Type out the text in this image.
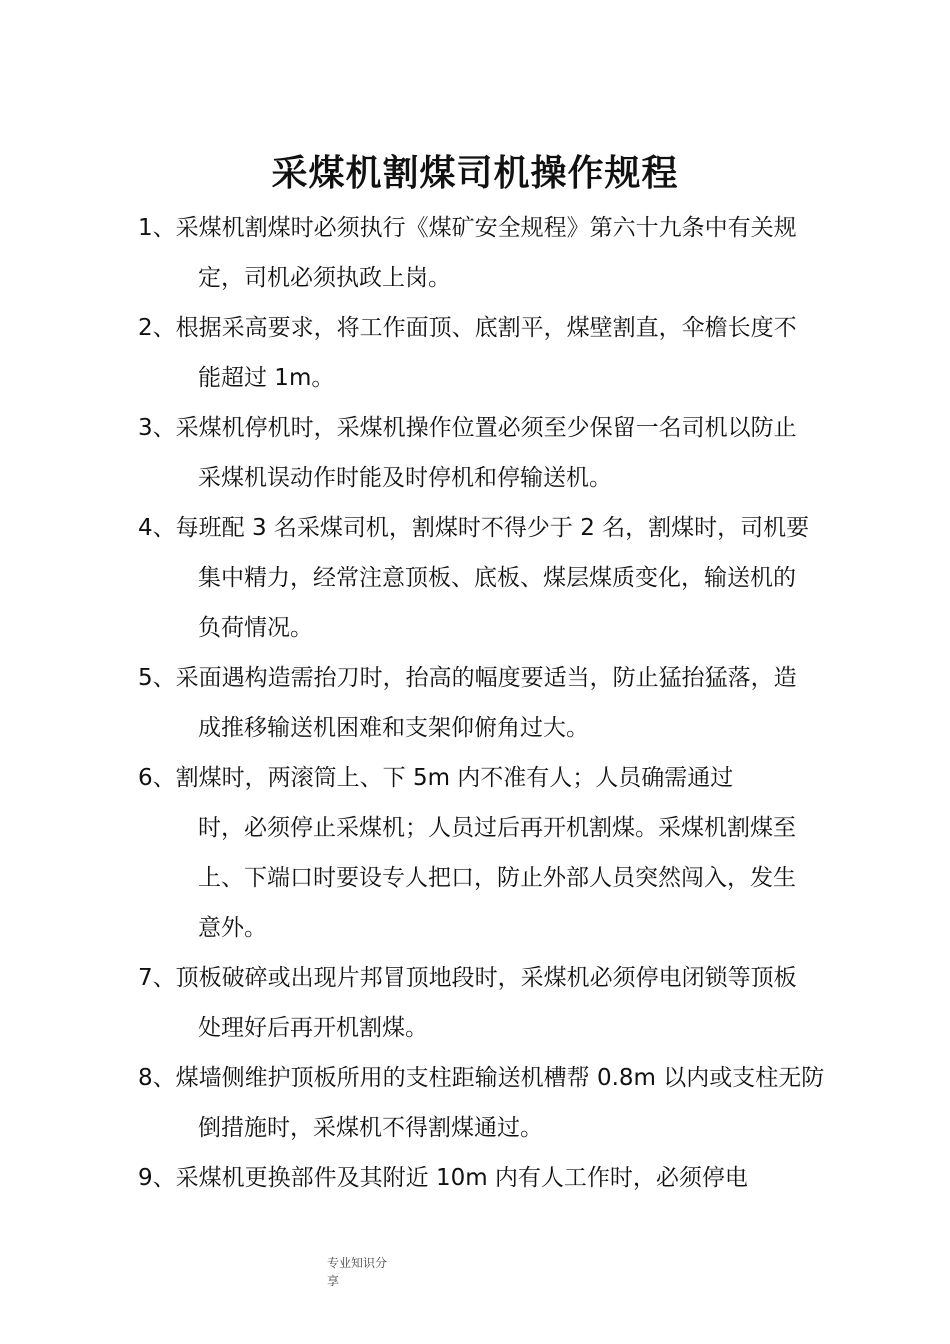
采煤机割煤司机操作规程
1、采煤机割煤时必须执行《煤矿安全规程》第六十九条中有关规
定，司机必须执政上岗。
2、根据采高要求，将工作面顶、底割平，煤壁割直，伞檐长度不
能超过 1m。
3、采煤机停机时，采煤机操作位置必须至少保留一名司机以防止
采煤机误动作时能及时停机和停输送机。
4、每班配 3 名采煤司机，割煤时不得少于 2 名，割煤时，司机要
集中精力，经常注意顶板、底板、煤层煤质变化，输送机的
负荷情况。
5、采面遇构造需抬刀时，抬高的幅度要适当，防止猛抬猛落，造
成推移输送机困难和支架仰俯角过大。
6、割煤时，两滚筒上、下 5m 内不准有人；人员确需通过
时，必须停止采煤机；人员过后再开机割煤。采煤机割煤至
上、下端口时要设专人把口，防止外部人员突然闯入，发生
意外。
7、顶板破碎或出现片邦冒顶地段时，采煤机必须停电闭锁等顶板
处理好后再开机割煤。
8、煤墙侧维护顶板所用的支柱距输送机槽帮 0.8m 以内或支柱无防
倒措施时，采煤机不得割煤通过。
9、采煤机更换部件及其附近 10m 内有人工作时，必须停电
专业知识分
享
